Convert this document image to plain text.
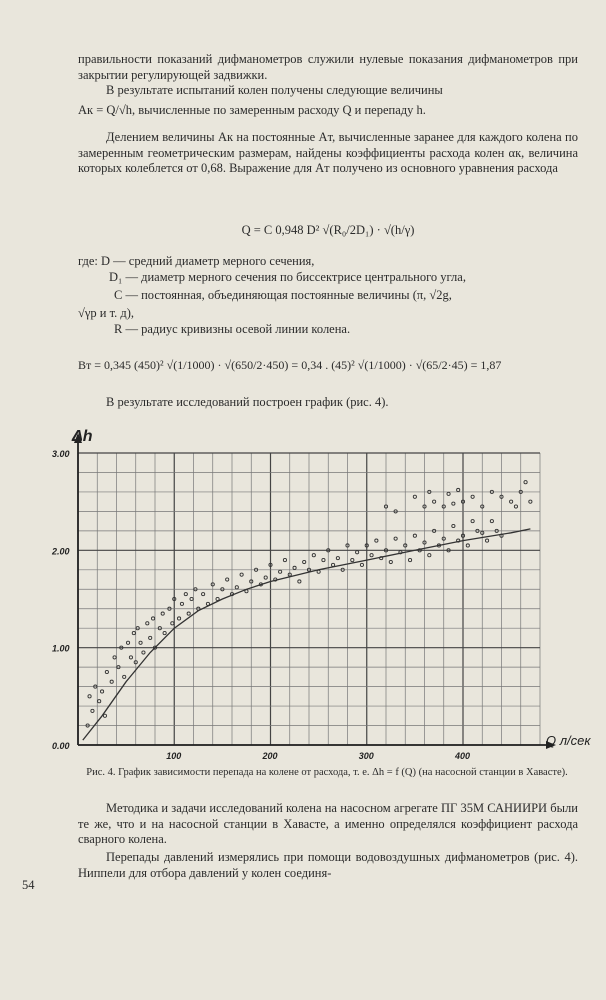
правильности показаний дифманометров служили нулевые показания дифманометров при закрытии регулирующей задвижки.
В результате испытаний колен получены следующие величины
Aк = Q/√h, вычисленные по замеренным расходу Q и перепаду h.
Делением величины Aк на постоянные Aт, вычисленные заранее для каждого колена по замеренным геометрическим размерам, найдены коэффициенты расхода колен αк, величина которых колеблется от 0,68. Выражение для Aт получено из основного уравнения расхода
Q = C 0,948 D² √(R₀/2D₁) · √(h/γ)
где: D — средний диаметр мерного сечения,
D₁ — диаметр мерного сечения по биссектрисе центрального угла,
C — постоянная, объединяющая постоянные величины (π, √2g,
√γр и т. д),
R — радиус кривизны осевой линии колена.
Bт = 0,345 (450)² √(1/1000) · √(650/2·450) = 0,34 . (45)² √(1/1000) · √(65/2·45) = 1,87
В результате исследований построен график (рис. 4).
0.00
1.00
2.00
3.00
100	200	300	400
Δh
Q л/сек
Рис. 4. График зависимости перепада на колене от расхода, т. е. Δh = f (Q) (на насосной станции в Хавасте).
Методика и задачи исследований колена на насосном агрегате ПГ 35М САНИИРИ были те же, что и на насосной станции в Хавасте, а именно определялся коэффициент расхода сварного колена.
Перепады давлений измерялись при помощи водовоздушных дифманометров (рис. 4). Ниппели для отбора давлений у колен соединя-
54
